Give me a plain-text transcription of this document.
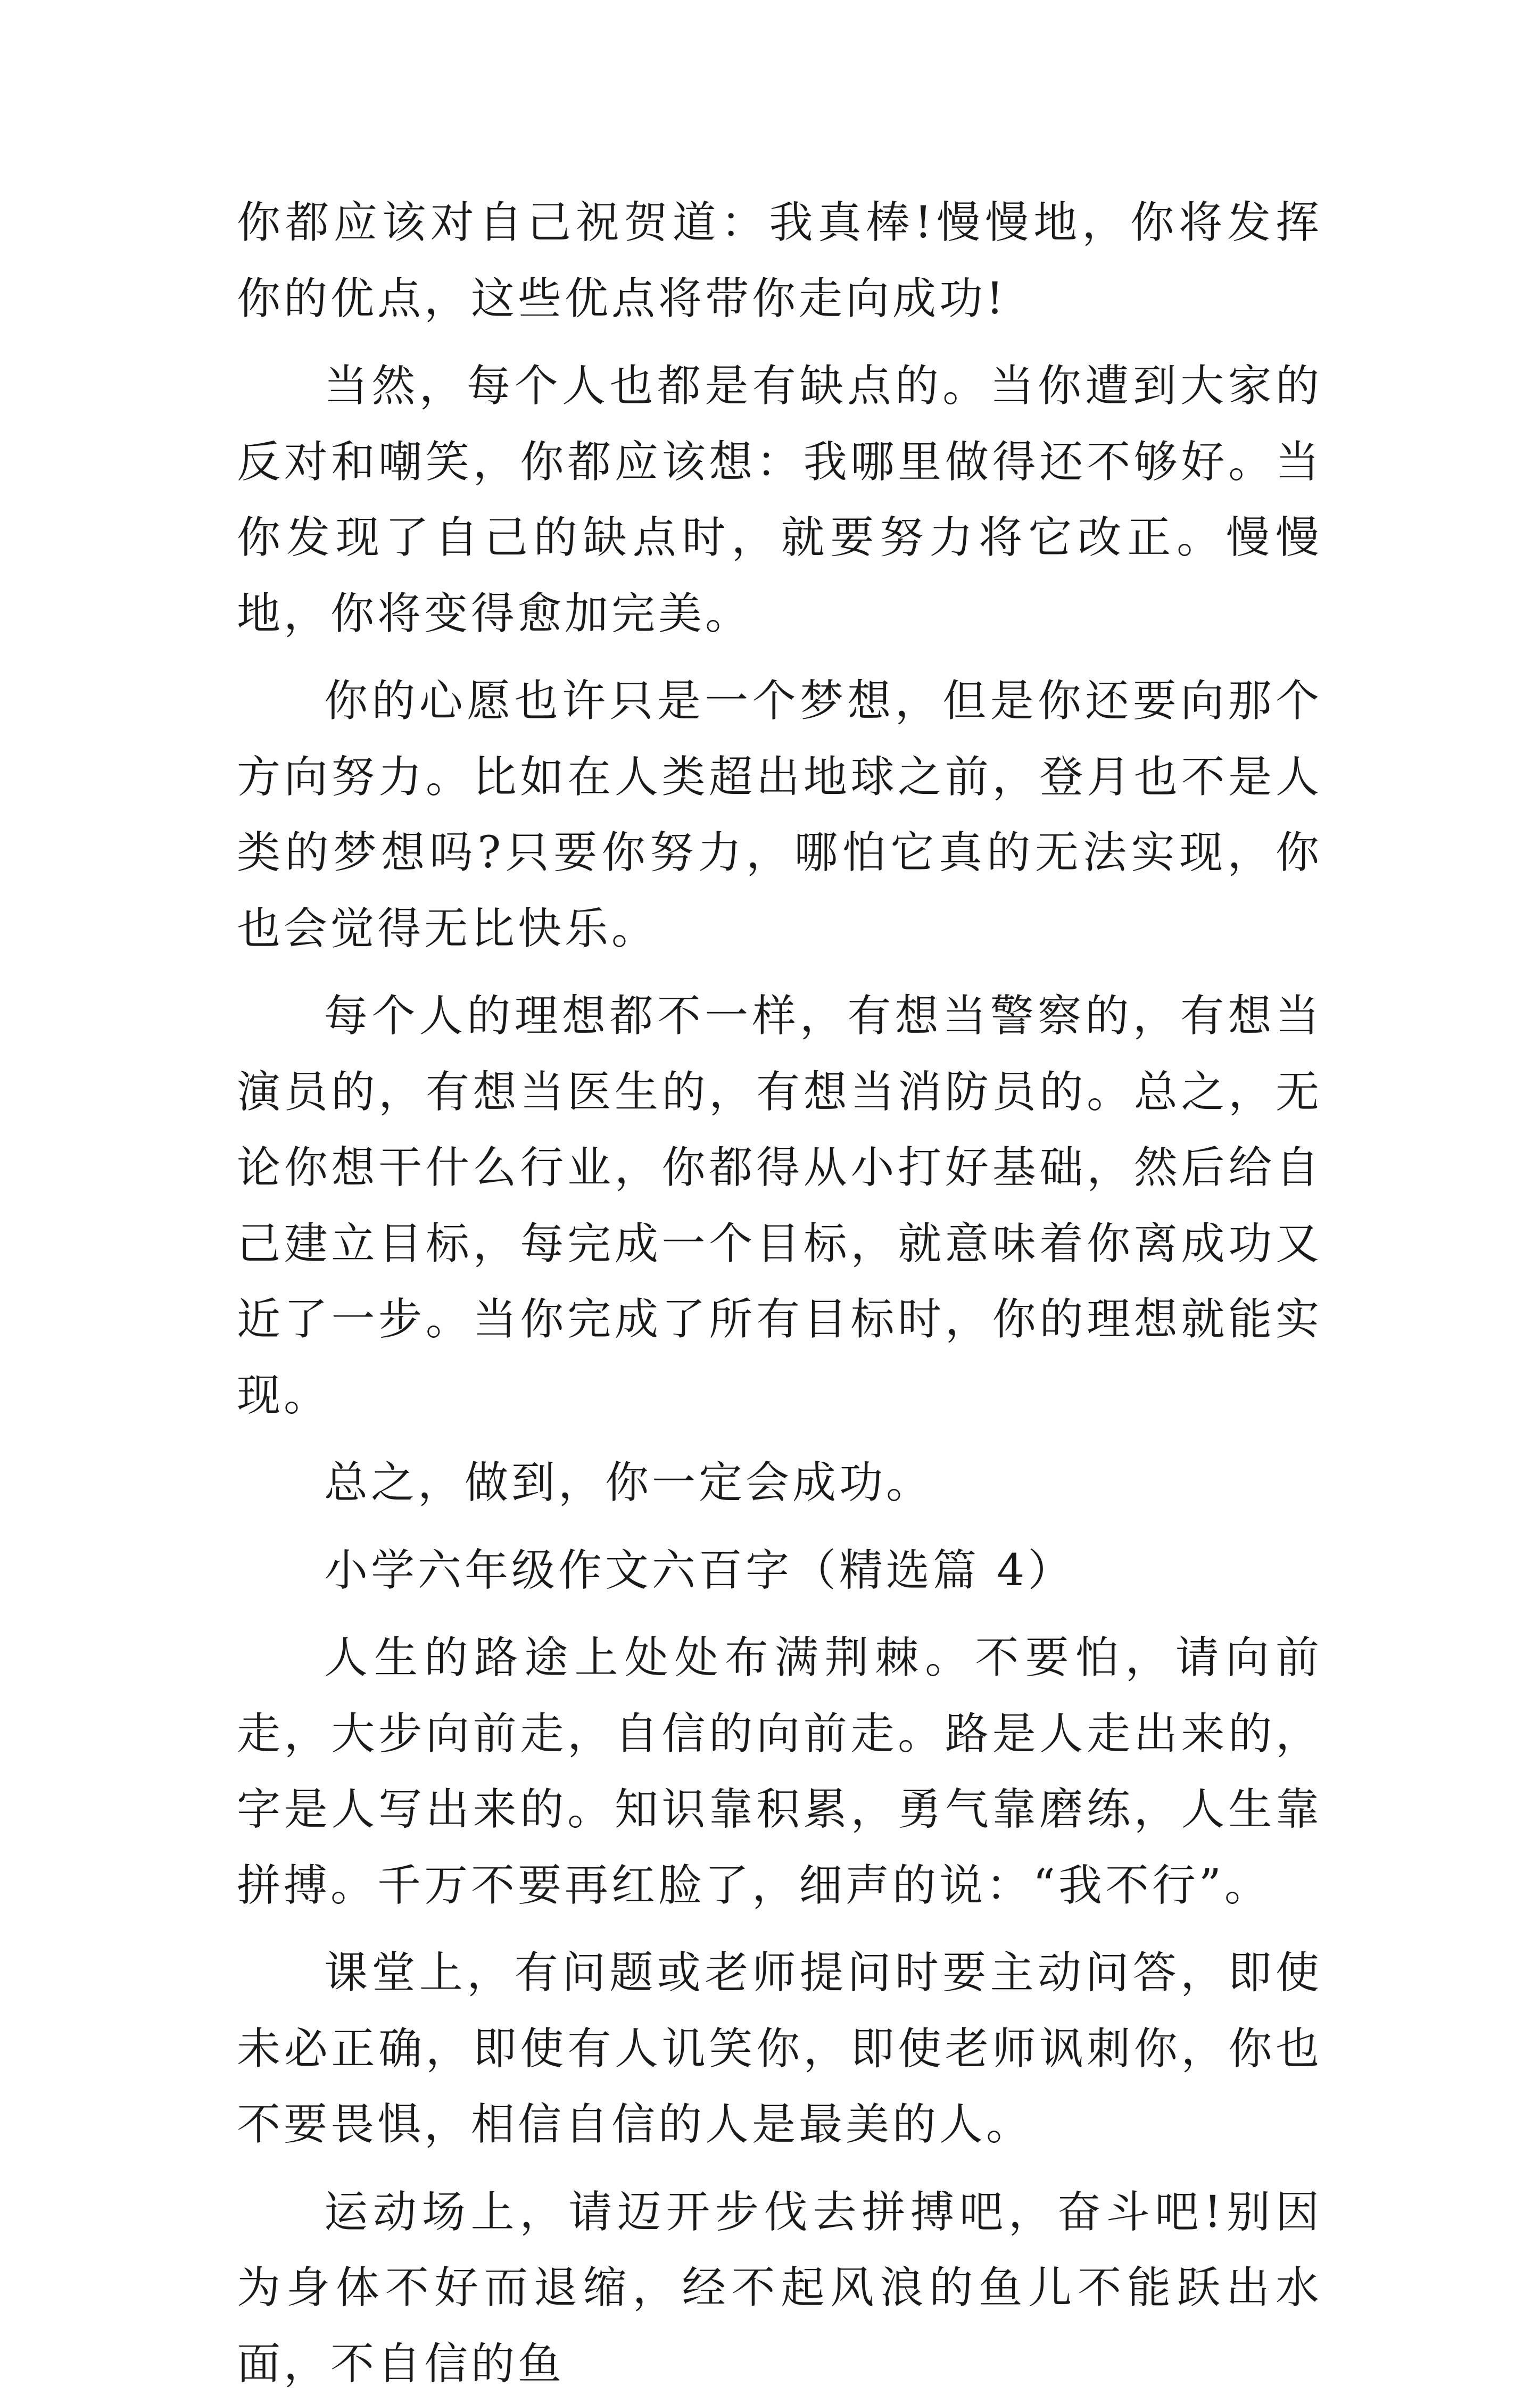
你都应该对自己祝贺道：我真棒!慢慢地，你将发挥你的优点，这些优点将带你走向成功!

当然，每个人也都是有缺点的。当你遭到大家的反对和嘲笑，你都应该想：我哪里做得还不够好。当你发现了自己的缺点时，就要努力将它改正。慢慢地，你将变得愈加完美。

你的心愿也许只是一个梦想，但是你还要向那个方向努力。比如在人类超出地球之前，登月也不是人类的梦想吗?只要你努力，哪怕它真的无法实现，你也会觉得无比快乐。

每个人的理想都不一样，有想当警察的，有想当演员的，有想当医生的，有想当消防员的。总之，无论你想干什么行业，你都得从小打好基础，然后给自己建立目标，每完成一个目标，就意味着你离成功又近了一步。当你完成了所有目标时，你的理想就能实现。

总之，做到，你一定会成功。

小学六年级作文六百字（精选篇 4）

人生的路途上处处布满荆棘。不要怕，请向前走，大步向前走，自信的向前走。路是人走出来的，字是人写出来的。知识靠积累，勇气靠磨练，人生靠拼搏。千万不要再红脸了，细声的说：“我不行”。

课堂上，有问题或老师提问时要主动问答，即使未必正确，即使有人讥笑你，即使老师讽刺你，你也不要畏惧，相信自信的人是最美的人。

运动场上，请迈开步伐去拼搏吧，奋斗吧!别因为身体不好而退缩，经不起风浪的鱼儿不能跃出水面，不自信的鱼
